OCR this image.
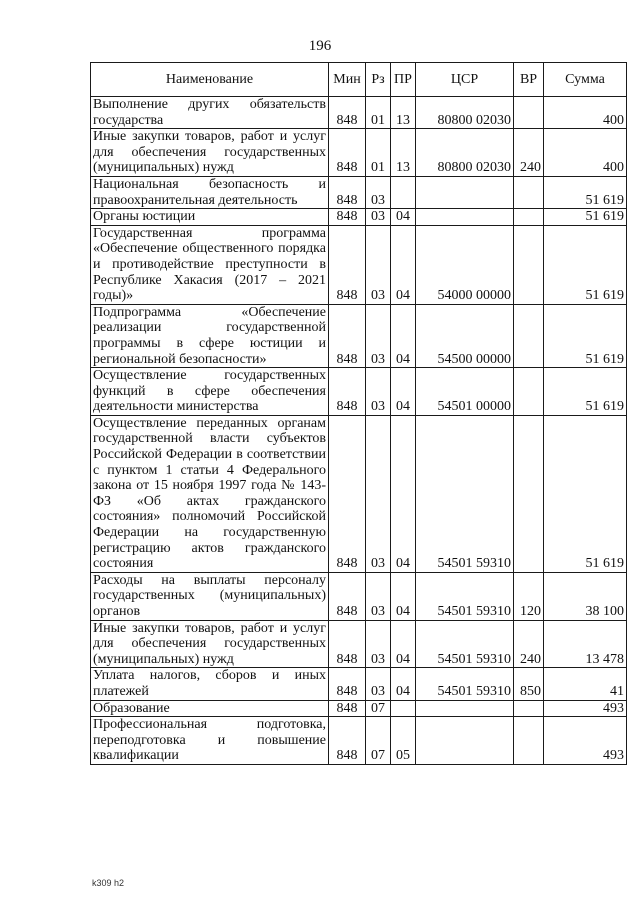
196
Наименование	Мин	Рз	ПР	ЦСР	ВР	Сумма
Выполнение других обязательств государства	848	01	13	80800 02030		400
Иные закупки товаров, работ и услуг для обеспечения государственных (муниципальных) нужд	848	01	13	80800 02030	240	400
Национальная безопасность и правоохранительная деятельность	848	03				51 619
Органы юстиции	848	03	04			51 619
Государственная программа «Обеспечение общественного порядка и противодействие преступности в Республике Хакасия (2017 – 2021 годы)»	848	03	04	54000 00000		51 619
Подпрограмма «Обеспечение реализации государственной программы в сфере юстиции и региональной безопасности»	848	03	04	54500 00000		51 619
Осуществление государственных функций в сфере обеспечения деятельности министерства	848	03	04	54501 00000		51 619
Осуществление переданных органам государственной власти субъектов Российской Федерации в соответствии с пунктом 1 статьи 4 Федерального закона от 15 ноября 1997 года № 143-ФЗ «Об актах гражданского состояния» полномочий Российской Федерации на государственную регистрацию актов гражданского состояния	848	03	04	54501 59310		51 619
Расходы на выплаты персоналу государственных (муниципальных) органов	848	03	04	54501 59310	120	38 100
Иные закупки товаров, работ и услуг для обеспечения государственных (муниципальных) нужд	848	03	04	54501 59310	240	13 478
Уплата налогов, сборов и иных платежей	848	03	04	54501 59310	850	41
Образование	848	07				493
Профессиональная подготовка, переподготовка и повышение квалификации	848	07	05			493
k309 h2
